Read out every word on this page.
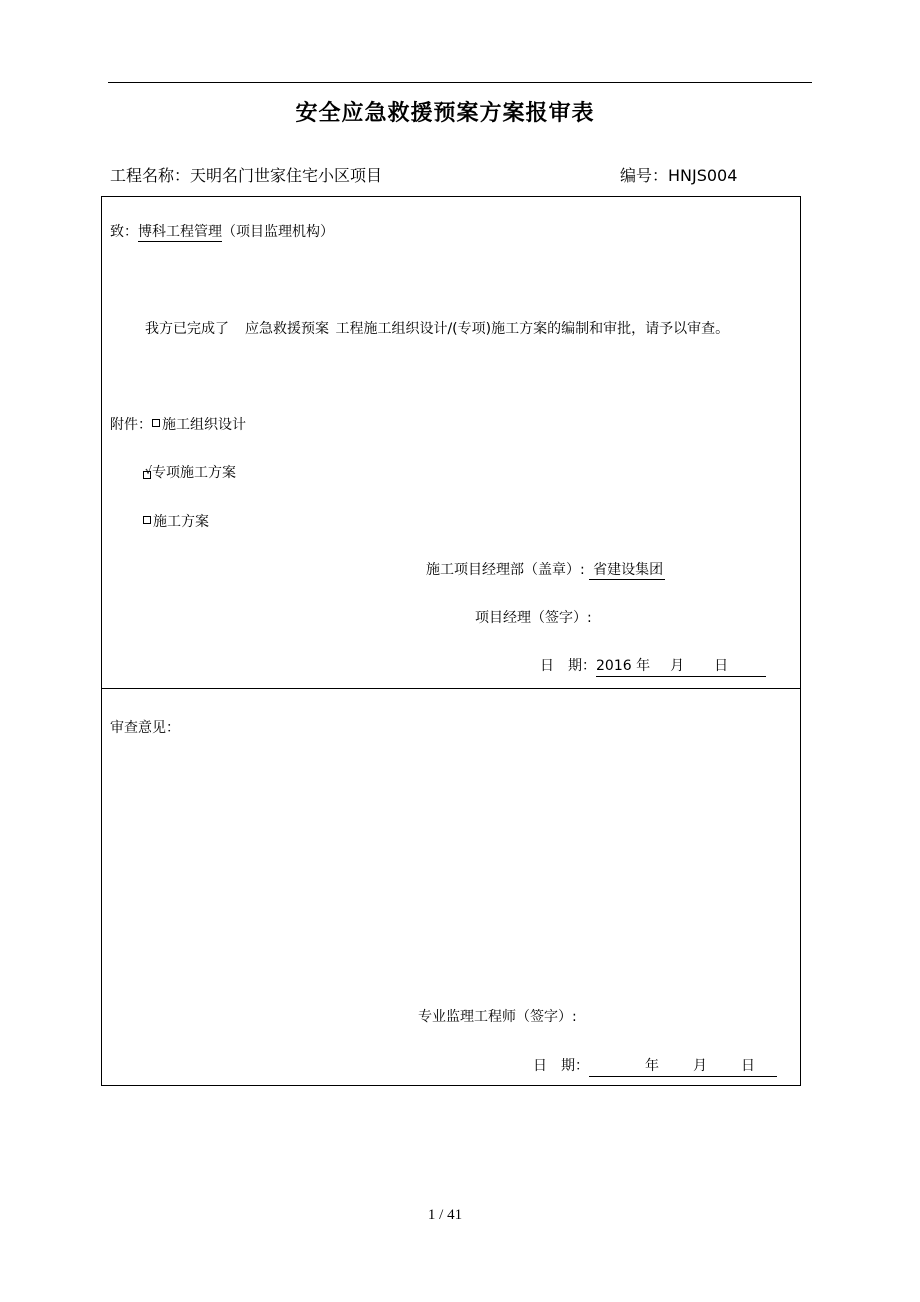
安全应急救援预案方案报审表
工程名称：天明名门世家住宅小区项目	编号：HNJS004
致：博科工程管理（项目监理机构）
我方已完成了 应急救援预案 工程施工组织设计/(专项)施工方案的编制和审批，请予以审查。
附件： 施工组织设计
√ 专项施工方案
施工方案
施工项目经理部（盖章）: 省建设集团
项目经理（签字）:
日　期：2016 年 月 日
审查意见：
专业监理工程师（签字）:
日　期：	年 月 日
1 / 41
